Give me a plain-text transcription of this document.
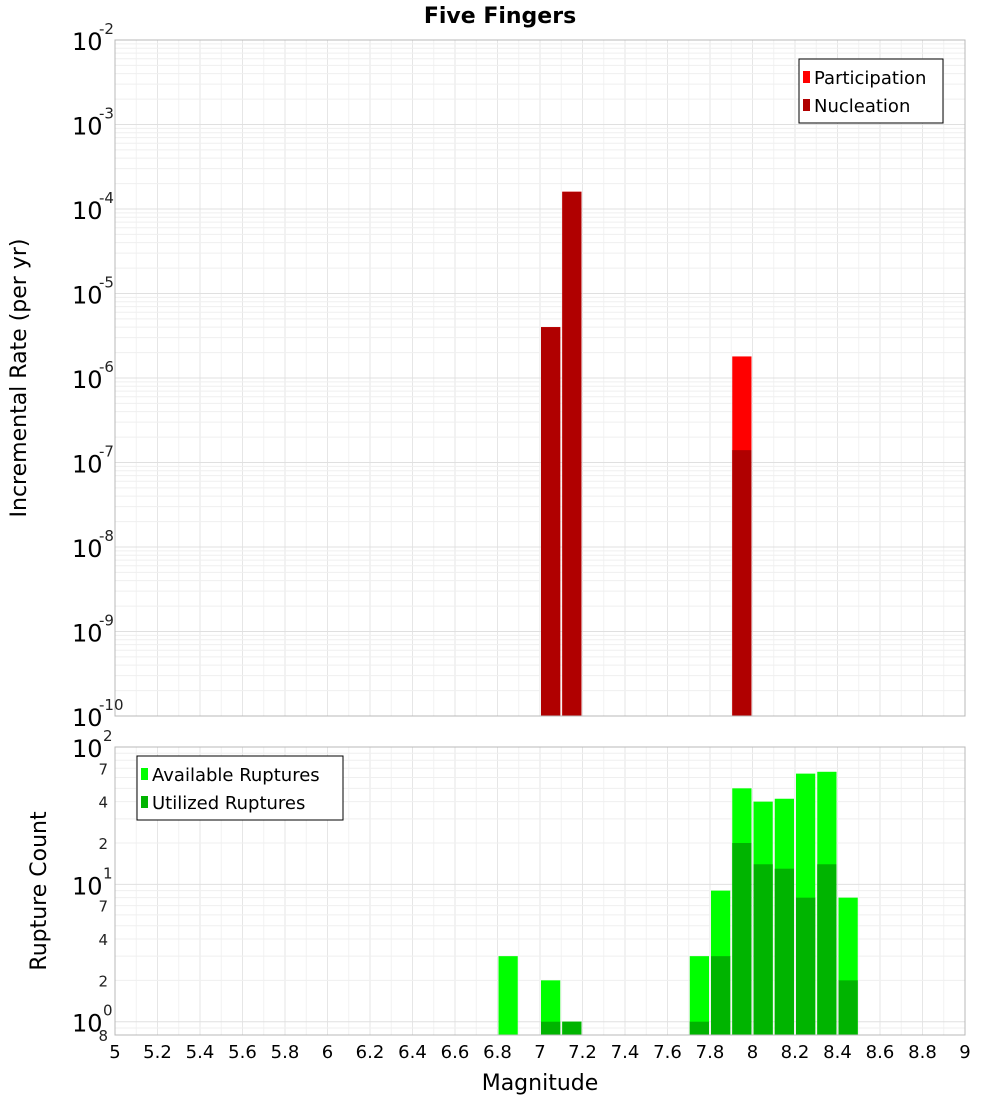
Five Fingers
10
-10
10
-9
10
-8
10
-7
10
-6
10
-5
10
-4
10
-3
10
-2
Incremental Rate (per yr)
Participation
Nucleation
10 0
10 1
10 2
2
4
7
2
4
7
8
5 5.2 5.4 5.6 5.8 6 6.2 6.4 6.6 6.8 7 7.2 7.4 7.6 7.8 8 8.2 8.4 8.6 8.8 9
Magnitude
Rupture Count
Available Ruptures
Utilized Ruptures
